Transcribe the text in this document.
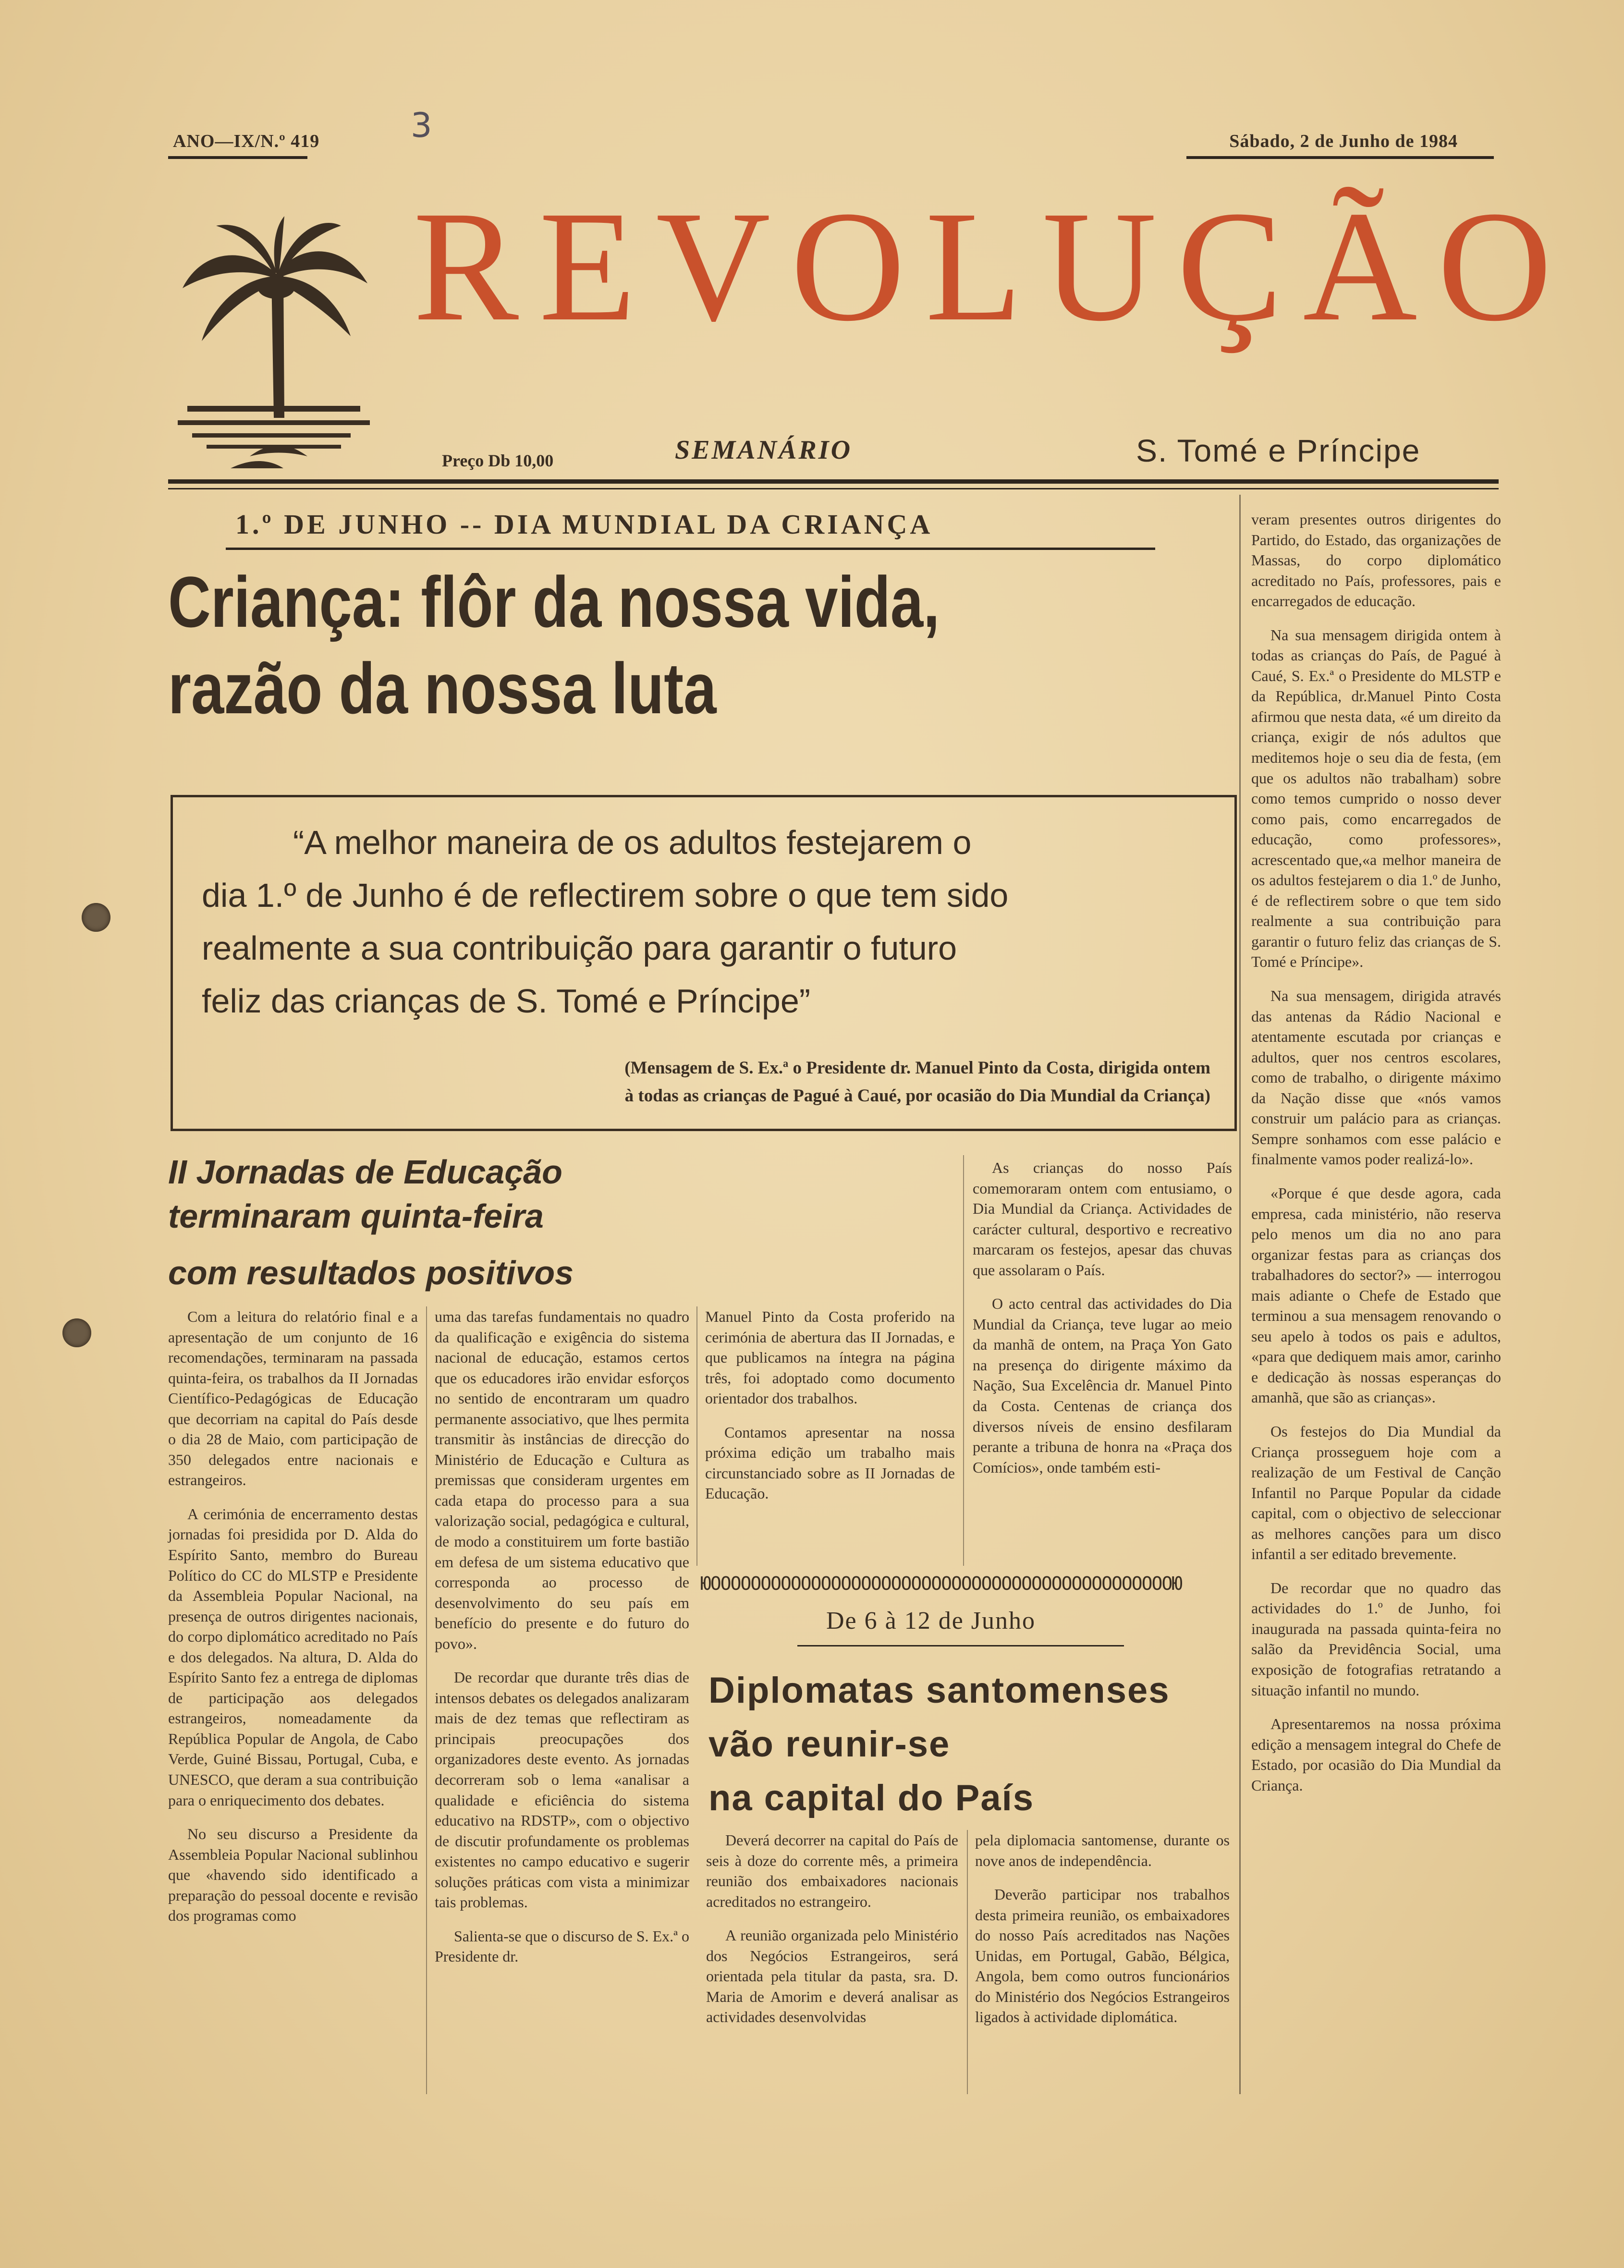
ANO—IX/N.º 419	Sábado, 2 de Junho de 1984
3
REVOLUÇÃO
Preço Db 10,00	SEMANÁRIO	S. Tomé e Príncipe
1.º DE JUNHO -- DIA MUNDIAL DA CRIANÇA
Criança: flôr da nossa vida,
razão da nossa luta
“A melhor maneira de os adultos festejarem o
dia 1.º de Junho é de reflectirem sobre o que tem sido
realmente a sua contribuição para garantir o futuro
feliz das crianças de S. Tomé e Príncipe”
(Mensagem de S. Ex.ª o Presidente dr. Manuel Pinto da Costa, dirigida ontem
à todas as crianças de Pagué à Caué, por ocasião do Dia Mundial da Criança)

veram presentes outros dirigentes do Partido, do Estado, das organizações de Massas, do corpo diplomático acreditado no País, professores, pais e encarregados de educação.

Na sua mensagem dirigida ontem à todas as crianças do País, de Pagué à Caué, S. Ex.ª o Presidente do MLSTP e da República, dr.Manuel Pinto Costa afirmou que nesta data, «é um direito da criança, exigir de nós adultos que meditemos hoje o seu dia de festa, (em que os adultos não trabalham) sobre como temos cumprido o nosso dever como pais, como encarregados de educação, como professores», acrescentado que,«a melhor maneira de os adultos festejarem o dia 1.º de Junho, é de reflectirem sobre o que tem sido realmente a sua contribuição para garantir o futuro feliz das crianças de S. Tomé e Príncipe».

Na sua mensagem, dirigida através das antenas da Rádio Nacional e atentamente escutada por crianças e adultos, quer nos centros escolares, como de trabalho, o dirigente máximo da Nação disse que «nós vamos construir um palácio para as crianças. Sempre sonhamos com esse palácio e finalmente vamos poder realizá-lo».

«Porque é que desde agora, cada empresa, cada ministério, não reserva pelo menos um dia no ano para organizar festas para as crianças dos trabalhadores do sector?» — interrogou mais adiante o Chefe de Estado que terminou a sua mensagem renovando o seu apelo à todos os pais e adultos, «para que dediquem mais amor, carinho e dedicação às nossas esperanças do amanhã, que são as crianças».

Os festejos do Dia Mundial da Criança prosseguem hoje com a realização de um Festival de Canção Infantil no Parque Popular da cidade capital, com o objectivo de seleccionar as melhores canções para um disco infantil a ser editado brevemente.

De recordar que no quadro das actividades do 1.º de Junho, foi inaugurada na passada quinta-feira no salão da Previdência Social, uma exposição de fotografias retratando a situação infantil no mundo.

Apresentaremos na nossa próxima edição a mensagem integral do Chefe de Estado, por ocasião do Dia Mundial da Criança.

II Jornadas de Educação
terminaram quinta-feira
com resultados positivos

Com a leitura do relatório final e a apresentação de um conjunto de 16 recomendações, terminaram na passada quinta-feira, os trabalhos da II Jornadas Científico-Pedagógicas de Educação que decorriam na capital do País desde o dia 28 de Maio, com participação de 350 delegados entre nacionais e estrangeiros.

A cerimónia de encerramento destas jornadas foi presidida por D. Alda do Espírito Santo, membro do Bureau Político do CC do MLSTP e Presidente da Assembleia Popular Nacional, na presença de outros dirigentes nacionais, do corpo diplomático acreditado no País e dos delegados. Na altura, D. Alda do Espírito Santo fez a entrega de diplomas de participação aos delegados estrangeiros, nomeadamente da República Popular de Angola, de Cabo Verde, Guiné Bissau, Portugal, Cuba, e UNESCO, que deram a sua contribuição para o enriquecimento dos debates.

No seu discurso a Presidente da Assembleia Popular Nacional sublinhou que «havendo sido identificado a preparação do pessoal docente e revisão dos programas como

uma das tarefas fundamentais no quadro da qualificação e exigência do sistema nacional de educação, estamos certos que os educadores irão envidar esforços no sentido de encontraram um quadro permanente associativo, que lhes permita transmitir às instâncias de direcção do Ministério de Educação e Cultura as premissas que consideram urgentes em cada etapa do processo para a sua valorização social, pedagógica e cultural, de modo a constituirem um forte bastião em defesa de um sistema educativo que corresponda ao processo de desenvolvimento do seu país em benefício do presente e do futuro do povo».

De recordar que durante três dias de intensos debates os delegados analizaram mais de dez temas que reflectiram as principais preocupações dos organizadores deste evento. As jornadas decorreram sob o lema «analisar a qualidade e eficiência do sistema educativo na RDSTP», com o objectivo de discutir profundamente os problemas existentes no campo educativo e sugerir soluções práticas com vista a minimizar tais problemas.

Salienta-se que o discurso de S. Ex.ª o Presidente dr.

Manuel Pinto da Costa proferido na cerimónia de abertura das II Jornadas, e que publicamos na íntegra na página três, foi adoptado como documento orientador dos trabalhos.

Contamos apresentar na nossa próxima edição um trabalho mais circunstanciado sobre as II Jornadas de Educação.

As crianças do nosso País comemoraram ontem com entusiamo, o Dia Mundial da Criança. Actividades de carácter cultural, desportivo e recreativo marcaram os festejos, apesar das chuvas que assolaram o País.

O acto central das actividades do Dia Mundial da Criança, teve lugar ao meio da manhã de ontem, na Praça Yon Gato na presença do dirigente máximo da Nação, Sua Excelência dr. Manuel Pinto da Costa. Centenas de criança dos diversos níveis de ensino desfilaram perante a tribuna de honra na «Praça dos Comícios», onde também esti-

ЮООООООООООООООООООООООООООООООООООООООООООООООЮ
De 6 à 12 de Junho
Diplomatas santomenses
vão reunir-se
na capital do País

Deverá decorrer na capital do País de seis à doze do corrente mês, a primeira reunião dos embaixadores nacionais acreditados no estrangeiro.

A reunião organizada pelo Ministério dos Negócios Estrangeiros, será orientada pela titular da pasta, sra. D. Maria de Amorim e deverá analisar as actividades desenvolvidas

pela diplomacia santomense, durante os nove anos de independência.

Deverão participar nos trabalhos desta primeira reunião, os embaixadores do nosso País acreditados nas Nações Unidas, em Portugal, Gabão, Bélgica, Angola, bem como outros funcionários do Ministério dos Negócios Estrangeiros ligados à actividade diplomática.
